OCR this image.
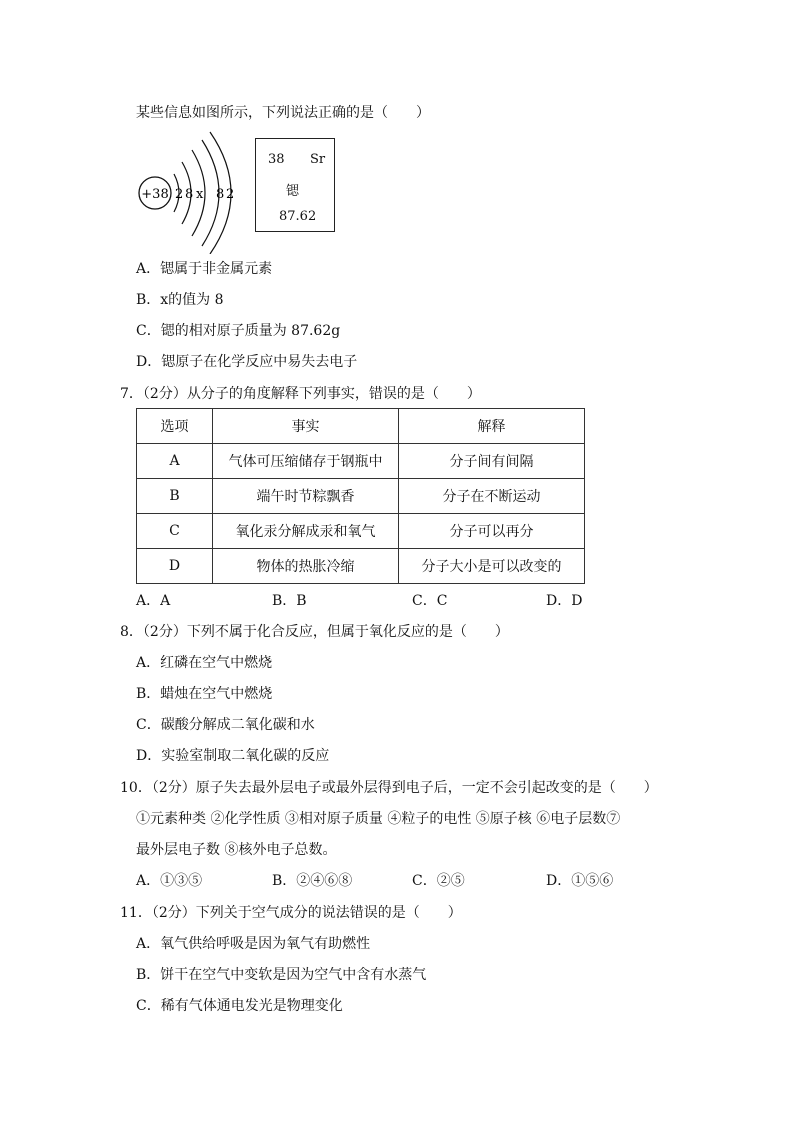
某些信息如图所示，下列说法正确的是（　　）
+38 2 8 x 8 2
38 Sr
锶
87.62
A．锶属于非金属元素
B．x的值为 8
C．锶的相对原子质量为 87.62g
D．锶原子在化学反应中易失去电子
7．（2分）从分子的角度解释下列事实，错误的是（　　）
选项	事实	解释
A	气体可压缩储存于钢瓶中	分子间有间隔
B	端午时节粽飘香	分子在不断运动
C	氧化汞分解成汞和氧气	分子可以再分
D	物体的热胀冷缩	分子大小是可以改变的
A．A	B．B	C．C	D．D
8．（2分）下列不属于化合反应，但属于氧化反应的是（　　）
A．红磷在空气中燃烧
B．蜡烛在空气中燃烧
C．碳酸分解成二氧化碳和水
D．实验室制取二氧化碳的反应
10．（2分）原子失去最外层电子或最外层得到电子后，一定不会引起改变的是（　　）
①元素种类 ②化学性质 ③相对原子质量 ④粒子的电性 ⑤原子核 ⑥电子层数⑦
最外层电子数 ⑧核外电子总数。
A．①③⑤	B．②④⑥⑧	C．②⑤	D．①⑤⑥
11．（2分）下列关于空气成分的说法错误的是（　　）
A．氧气供给呼吸是因为氧气有助燃性
B．饼干在空气中变软是因为空气中含有水蒸气
C．稀有气体通电发光是物理变化
